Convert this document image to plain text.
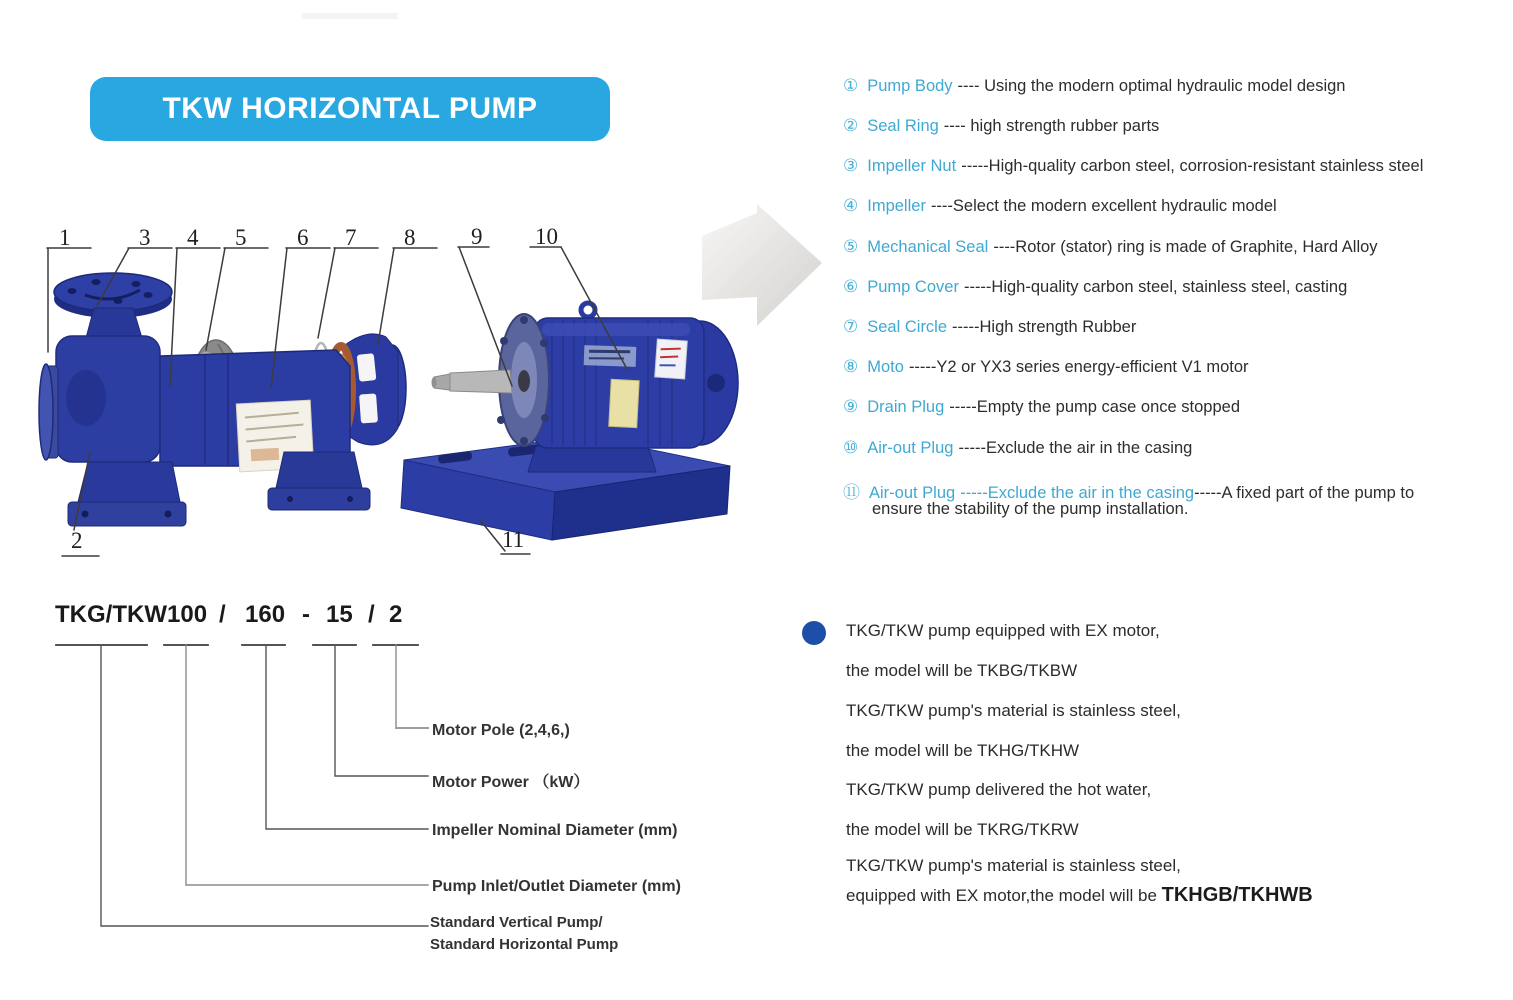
TKW HORIZONTAL PUMP
1	3 4 5 6 7 8 9 10
2	11
① Pump Body ---- Using the modern optimal hydraulic model design
② Seal Ring ---- high strength rubber parts
③ Impeller Nut -----High-quality carbon steel, corrosion-resistant stainless steel
④ Impeller ----Select the modern excellent hydraulic model
⑤ Mechanical Seal ----Rotor (stator) ring is made of Graphite, Hard Alloy
⑥ Pump Cover -----High-quality carbon steel, stainless steel, casting
⑦ Seal Circle -----High strength Rubber
⑧ Moto -----Y2 or YX3 series energy-efficient V1 motor
⑨ Drain Plug -----Empty the pump case once stopped
⑩ Air-out Plug -----Exclude the air in the casing
⑪ Air-out Plug -----Exclude the air in the casing-----A fixed part of the pump to
ensure the stability of the pump installation.
TKG/TKW 100 / 160 - 15 / 2
Motor Pole (2,4,6,)
Motor Power （kW）
Impeller Nominal Diameter (mm)
Pump Inlet/Outlet Diameter (mm)
Standard Vertical Pump/
Standard Horizontal Pump
TKG/TKW pump equipped with EX motor,
the model will be TKBG/TKBW
TKG/TKW pump's material is stainless steel,
the model will be TKHG/TKHW
TKG/TKW pump delivered the hot water,
the model will be TKRG/TKRW
TKG/TKW pump's material is stainless steel,
equipped with EX motor,the model will be TKHGB/TKHWB
